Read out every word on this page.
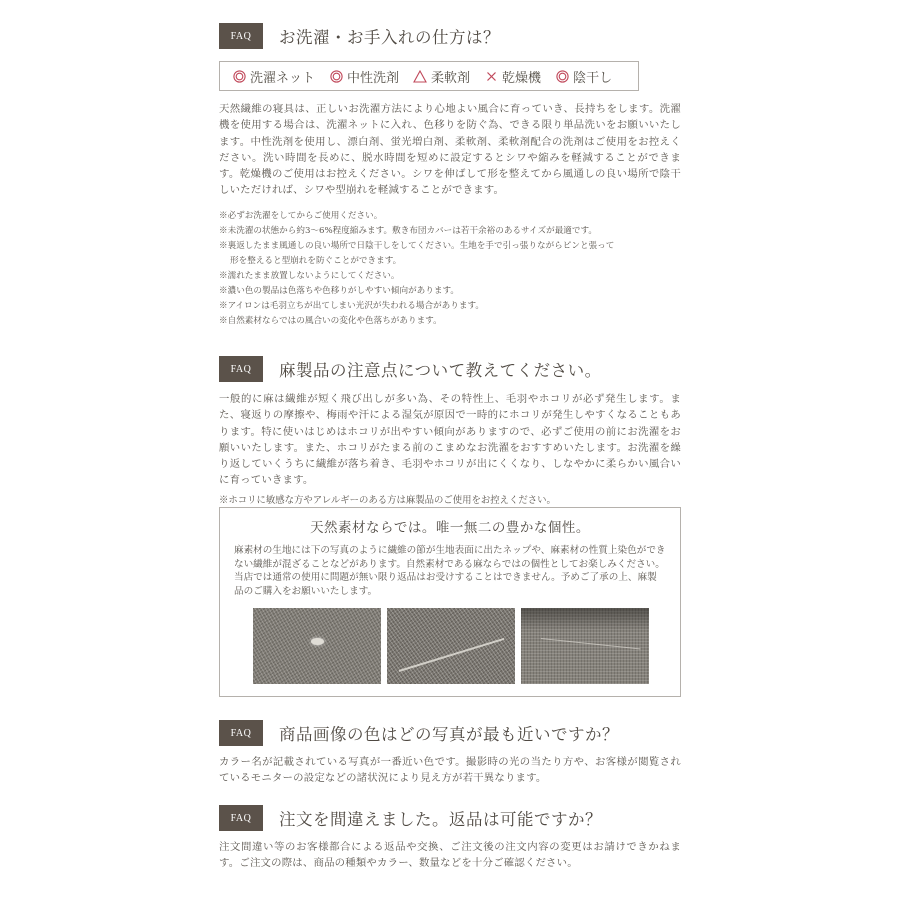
FAQ	お洗濯・お手入れの仕方は？
洗濯ネット 中性洗剤 柔軟剤 乾燥機 陰干し

天然繊維の寝具は、正しいお洗濯方法により心地よい風合に育っていき、長持ちをします。洗濯機を使用する場合は、洗濯ネットに入れ、色移りを防ぐ為、できる限り単品洗いをお願いいたします。中性洗剤を使用し、漂白剤、蛍光増白剤、柔軟剤、柔軟剤配合の洗剤はご使用をお控えください。洗い時間を長めに、脱水時間を短めに設定するとシワや縮みを軽減することができます。乾燥機のご使用はお控えください。シワを伸ばして形を整えてから風通しの良い場所で陰干しいただければ、シワや型崩れを軽減することができます。

※必ずお洗濯をしてからご使用ください。
※未洗濯の状態から約3～6%程度縮みます。敷き布団カバーは若干余裕のあるサイズが最適です。
※裏返したまま風通しの良い場所で日陰干しをしてください。生地を手で引っ張りながらピンと張って
形を整えると型崩れを防ぐことができます。
※濡れたまま放置しないようにしてください。
※濃い色の製品は色落ちや色移りがしやすい傾向があります。
※アイロンは毛羽立ちが出てしまい光沢が失われる場合があります。
※自然素材ならではの風合いの変化や色落ちがあります。
FAQ	麻製品の注意点について教えてください。

一般的に麻は繊維が短く飛び出しが多い為、その特性上、毛羽やホコリが必ず発生します。また、寝返りの摩擦や、梅雨や汗による湿気が原因で一時的にホコリが発生しやすくなることもあります。特に使いはじめはホコリが出やすい傾向がありますので、必ずご使用の前にお洗濯をお願いいたします。また、ホコリがたまる前のこまめなお洗濯をおすすめいたします。お洗濯を繰り返していくうちに繊維が落ち着き、毛羽やホコリが出にくくなり、しなやかに柔らかい風合いに育っていきます。

※ホコリに敏感な方やアレルギーのある方は麻製品のご使用をお控えください。
天然素材ならでは。唯一無二の豊かな個性。
麻素材の生地には下の写真のように繊維の節が生地表面に出たネップや、麻素材の性質上染色ができない繊維が混ざることなどがあります。自然素材である麻ならではの個性としてお楽しみください。当店では通常の使用に問題が無い限り返品はお受けすることはできません。予めご了承の上、麻製品のご購入をお願いいたします。
FAQ	商品画像の色はどの写真が最も近いですか？

カラー名が記載されている写真が一番近い色です。撮影時の光の当たり方や、お客様が閲覧されているモニターの設定などの諸状況により見え方が若干異なります。

FAQ	注文を間違えました。返品は可能ですか？

注文間違い等のお客様都合による返品や交換、ご注文後の注文内容の変更はお請けできかねます。ご注文の際は、商品の種類やカラー、数量などを十分ご確認ください。
